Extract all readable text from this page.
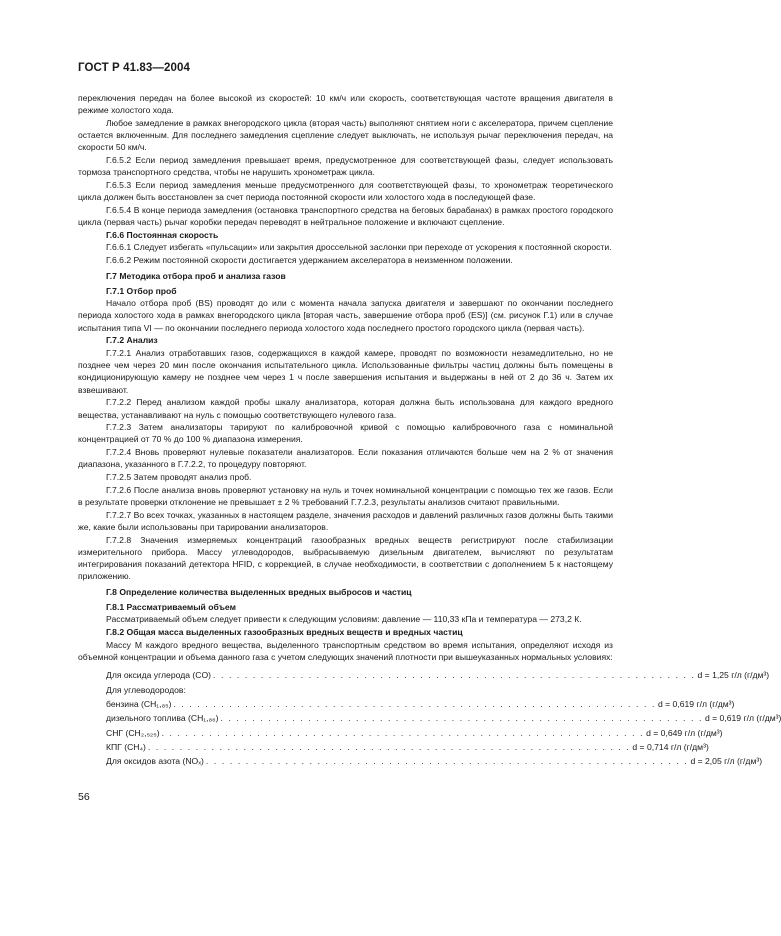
ГОСТ Р 41.83—2004

переключения передач на более высокой из скоростей: 10 км/ч или скорость, соответствующая частоте вращения двигателя в режиме холостого хода.

Любое замедление в рамках внегородского цикла (вторая часть) выполняют снятием ноги с акселератора, причем сцепление остается включенным. Для последнего замедления сцепление следует выключать, не используя рычаг переключения передач, на скорости 50 км/ч.

Г.6.5.2 Если период замедления превышает время, предусмотренное для соответствующей фазы, следует использовать тормоза транспортного средства, чтобы не нарушить хронометраж цикла.

Г.6.5.3 Если период замедления меньше предусмотренного для соответствующей фазы, то хронометраж теоретического цикла должен быть восстановлен за счет периода постоянной скорости или холостого хода в последующей фазе.

Г.6.5.4 В конце периода замедления (остановка транспортного средства на беговых барабанах) в рамках простого городского цикла (первая часть) рычаг коробки передач переводят в нейтральное положение и включают сцепление.

Г.6.6 Постоянная скорость

Г.6.6.1 Следует избегать «пульсации» или закрытия дроссельной заслонки при переходе от ускорения к постоянной скорости.

Г.6.6.2 Режим постоянной скорости достигается удержанием акселератора в неизменном положении.

Г.7 Методика отбора проб и анализа газов

Г.7.1 Отбор проб

Начало отбора проб (BS) проводят до или с момента начала запуска двигателя и завершают по окончании последнего периода холостого хода в рамках внегородского цикла [вторая часть, завершение отбора проб (ES)] (см. рисунок Г.1) или в случае испытания типа VI — по окончании последнего периода холостого хода последнего простого городского цикла (первая часть).

Г.7.2 Анализ

Г.7.2.1 Анализ отработавших газов, содержащихся в каждой камере, проводят по возможности незамедлительно, но не позднее чем через 20 мин после окончания испытательного цикла. Использованные фильтры частиц должны быть помещены в кондиционирующую камеру не позднее чем через 1 ч после завершения испытания и выдержаны в ней от 2 до 36 ч. Затем их взвешивают.

Г.7.2.2 Перед анализом каждой пробы шкалу анализатора, которая должна быть использована для каждого вредного вещества, устанавливают на нуль с помощью соответствующего нулевого газа.

Г.7.2.3 Затем анализаторы тарируют по калибровочной кривой с помощью калибровочного газа с номинальной концентрацией от 70 % до 100 % диапазона измерения.

Г.7.2.4 Вновь проверяют нулевые показатели анализаторов. Если показания отличаются больше чем на 2 % от значения диапазона, указанного в Г.7.2.2, то процедуру повторяют.

Г.7.2.5 Затем проводят анализ проб.

Г.7.2.6 После анализа вновь проверяют установку на нуль и точек номинальной концентрации с помощью тех же газов. Если в результате проверки отклонение не превышает ± 2 % требований Г.7.2.3, результаты анализов считают правильными.

Г.7.2.7 Во всех точках, указанных в настоящем разделе, значения расходов и давлений различных газов должны быть такими же, какие были использованы при тарировании анализаторов.

Г.7.2.8 Значения измеряемых концентраций газообразных вредных веществ регистрируют после стабилизации измерительного прибора. Массу углеводородов, выбрасываемую дизельным двигателем, вычисляют по результатам интегрирования показаний детектора HFID, с коррекцией, в случае необходимости, в соответствии с дополнением 5 к настоящему приложению.

Г.8 Определение количества выделенных вредных выбросов и частиц

Г.8.1 Рассматриваемый объем

Рассматриваемый объем следует привести к следующим условиям: давление — 110,33 кПа и температура — 273,2 К.

Г.8.2 Общая масса выделенных газообразных вредных веществ и вредных частиц

Массу M каждого вредного вещества, выделенного транспортным средством во время испытания, определяют исходя из объемной концентрации и объема данного газа с учетом следующих значений плотности при вышеуказанных нормальных условиях:

Для оксида углерода (CO) . . . . . . . . . . . . . . . . . . . . . . . . . . . . . . . . . . . . . . . . . . . . . . . . . . . . . . . . . . . . . d = 1,25 г/л (г/дм³)
Для углеводородов:
бензина (CH₁,₈₅) . . . . . . . . . . . . . . . . . . . . . . . . . . . . . . . . . . . . . . . . . . . . . . . . . . . . . . . . . . . . . d = 0,619 г/л (г/дм³)
дизельного топлива (CH₁,₈₆) . . . . . . . . . . . . . . . . . . . . . . . . . . . . . . . . . . . . . . . . . . . . . . . . . . . . . . . . . . . . . d = 0,619 г/л (г/дм³)
СНГ (CH₂,₅₂₅) . . . . . . . . . . . . . . . . . . . . . . . . . . . . . . . . . . . . . . . . . . . . . . . . . . . . . . . . . . . . . d = 0,649 г/л (г/дм³)
КПГ (CH₄) . . . . . . . . . . . . . . . . . . . . . . . . . . . . . . . . . . . . . . . . . . . . . . . . . . . . . . . . . . . . . d = 0,714 г/л (г/дм³)
Для оксидов азота (NOₓ) . . . . . . . . . . . . . . . . . . . . . . . . . . . . . . . . . . . . . . . . . . . . . . . . . . . . . . . . . . . . . d = 2,05 г/л (г/дм³)
56
